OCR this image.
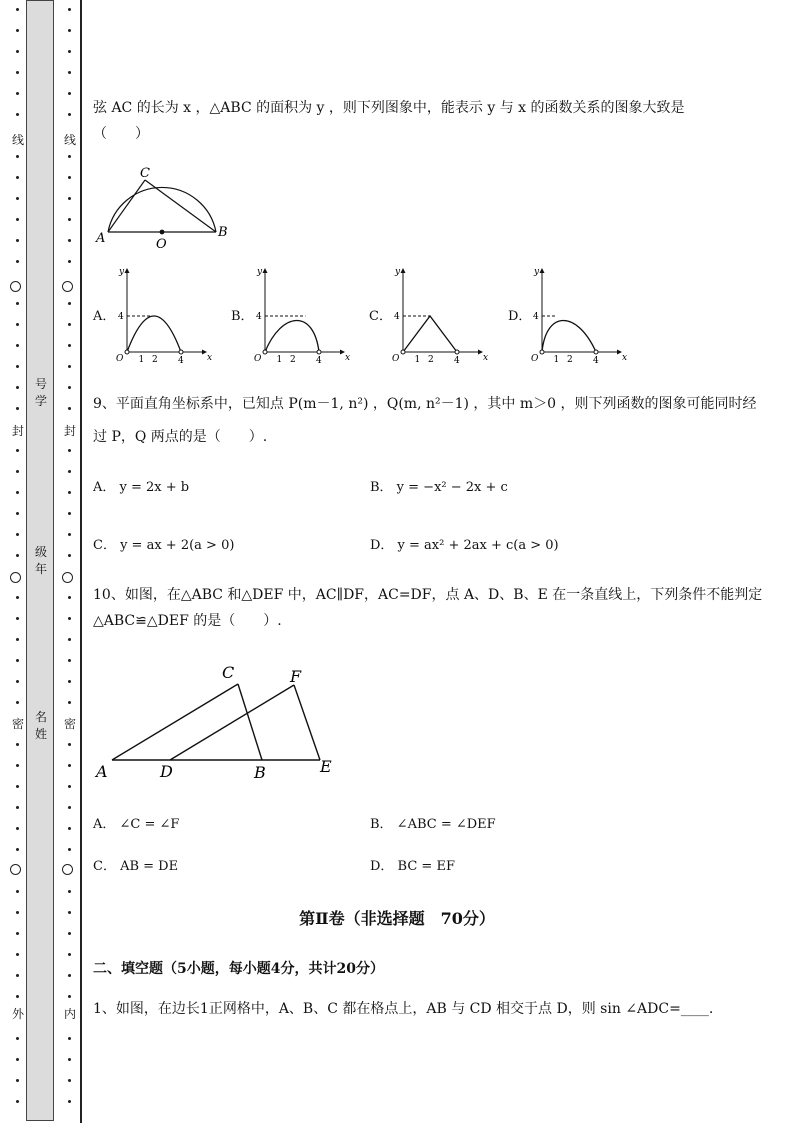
线
封
密
外
号
学
级
年
名
姓
线
封
密
内
弦 AC 的长为 x ，△ABC 的面积为 y ，则下列图象中，能表示 y 与 x 的函数关系的图象大致是
（　　）
C
A	B
O
A． 4
y
x
O 1 2 4
B． 4
y
x
O 1 2 4
C． 4
y
x
O 1 2 4
D． 4
y
x
O 1 2 4
9、平面直角坐标系中，已知点 P(m－1, n²) ，Q(m, n²－1) ，其中 m＞0 ，则下列函数的图象可能同时经
过 P，Q 两点的是（　　）.
A． y = 2x + b	B． y = −x² − 2x + c
C． y = ax + 2(a > 0)	D． y = ax² + 2ax + c(a > 0)
10、如图，在△ABC 和△DEF 中，AC∥DF，AC=DF，点 A、D、B、E 在一条直线上，下列条件不能判定
△ABC≌△DEF 的是（　　）.
A	D	B	E
C	F
A． ∠C = ∠F	B． ∠ABC = ∠DEF
C． AB = DE	D． BC = EF
第Ⅱ卷（非选择题　70分）
二、填空题（5小题，每小题4分，共计20分）
1、如图，在边长1正网格中，A、B、C 都在格点上，AB 与 CD 相交于点 D，则 sin ∠ADC=____.
